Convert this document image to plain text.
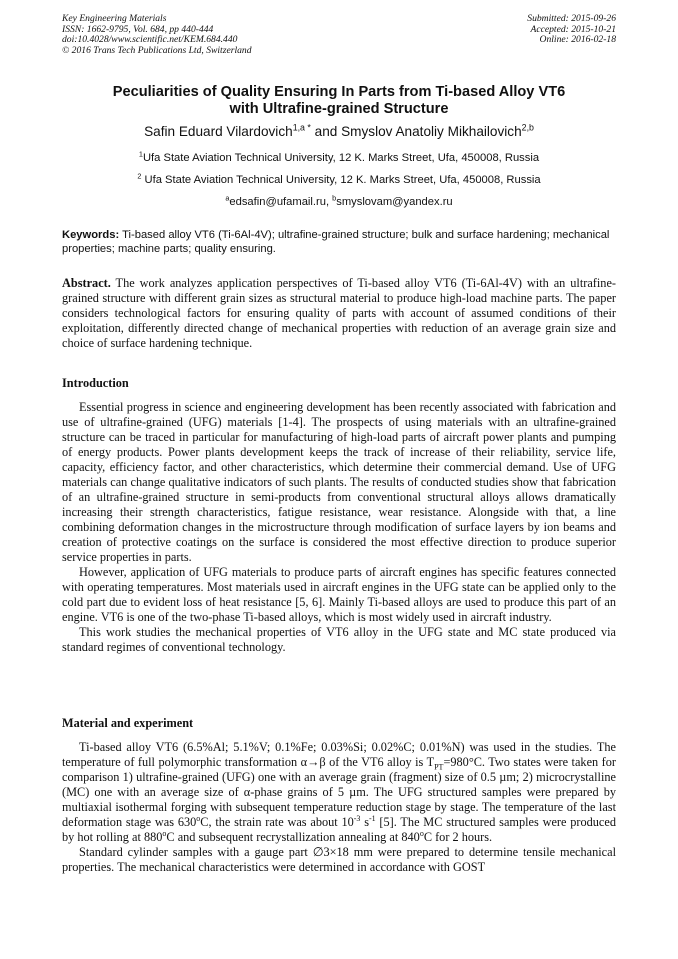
Key Engineering Materials
ISSN: 1662-9795, Vol. 684, pp 440-444
doi:10.4028/www.scientific.net/KEM.684.440
© 2016 Trans Tech Publications Ltd, Switzerland
Submitted: 2015-09-26
Accepted: 2015-10-21
Online: 2016-02-18
Peculiarities of Quality Ensuring In Parts from Ti-based Alloy VT6
with Ultrafine-grained Structure
Safin Eduard Vilardovich$^{1,a *}$ and Smyslov Anatoliy Mikhailovich$^{2,b}$
$^1$Ufa State Aviation Technical University, 12 K. Marks Street, Ufa, 450008, Russia
$^2$ Ufa State Aviation Technical University, 12 K. Marks Street, Ufa, 450008, Russia
$^a$edsafin@ufamail.ru, $^b$smyslovam@yandex.ru
Keywords: Ti-based alloy VT6 (Ti-6Al-4V); ultrafine-grained structure; bulk and surface hardening; mechanical properties; machine parts; quality ensuring.
Abstract. The work analyzes application perspectives of Ti-based alloy VT6 (Ti-6Al-4V) with an ultrafine-grained structure with different grain sizes as structural material to produce high-load machine parts. The paper considers technological factors for ensuring quality of parts with account of assumed conditions of their exploitation, differently directed change of mechanical properties with reduction of an average grain size and choice of surface hardening technique.
Introduction

Essential progress in science and engineering development has been recently associated with fabrication and use of ultrafine-grained (UFG) materials [1-4]. The prospects of using materials with an ultrafine-grained structure can be traced in particular for manufacturing of high-load parts of aircraft power plants and pumping of energy products. Power plants development keeps the track of increase of their reliability, service life, capacity, efficiency factor, and other characteristics, which determine their commercial demand. Use of UFG materials can change qualitative indicators of such plants. The results of conducted studies show that fabrication of an ultrafine-grained structure in semi-products from conventional structural alloys allows dramatically increasing their strength characteristics, fatigue resistance, wear resistance. Alongside with that, a line combining deformation changes in the microstructure through modification of surface layers by ion beams and creation of protective coatings on the surface is considered the most effective direction to produce superior service properties in parts.

However, application of UFG materials to produce parts of aircraft engines has specific features connected with operating temperatures. Most materials used in aircraft engines in the UFG state can be applied only to the cold part due to evident loss of heat resistance [5, 6]. Mainly Ti-based alloys are used to produce this part of an engine. VT6 is one of the two-phase Ti-based alloys, which is most widely used in aircraft industry.

This work studies the mechanical properties of VT6 alloy in the UFG state and MC state produced via standard regimes of conventional technology.

Material and experiment

Ti-based alloy VT6 (6.5%Al; 5.1%V; 0.1%Fe; 0.03%Si; 0.02%C; 0.01%N) was used in the studies. The temperature of full polymorphic transformation α→β of the VT6 alloy is $T_{PT}=980^\circ C$. Two states were taken for comparison 1) ultrafine-grained (UFG) one with an average grain (fragment) size of 0.5 µm; 2) microcrystalline (MC) one with an average size of α-phase grains of 5 µm. The UFG structured samples were prepared by multiaxial isothermal forging with subsequent temperature reduction stage by stage. The temperature of the last deformation stage was 630$^o$C, the strain rate was about $10^{-3}$ $s^{-1}$ [5]. The MC structured samples were produced by hot rolling at 880$^o$C and subsequent recrystallization annealing at 840$^o$C for 2 hours.

Standard cylinder samples with a gauge part ∅3×18 mm were prepared to determine tensile mechanical properties. The mechanical characteristics were determined in accordance with GOST
